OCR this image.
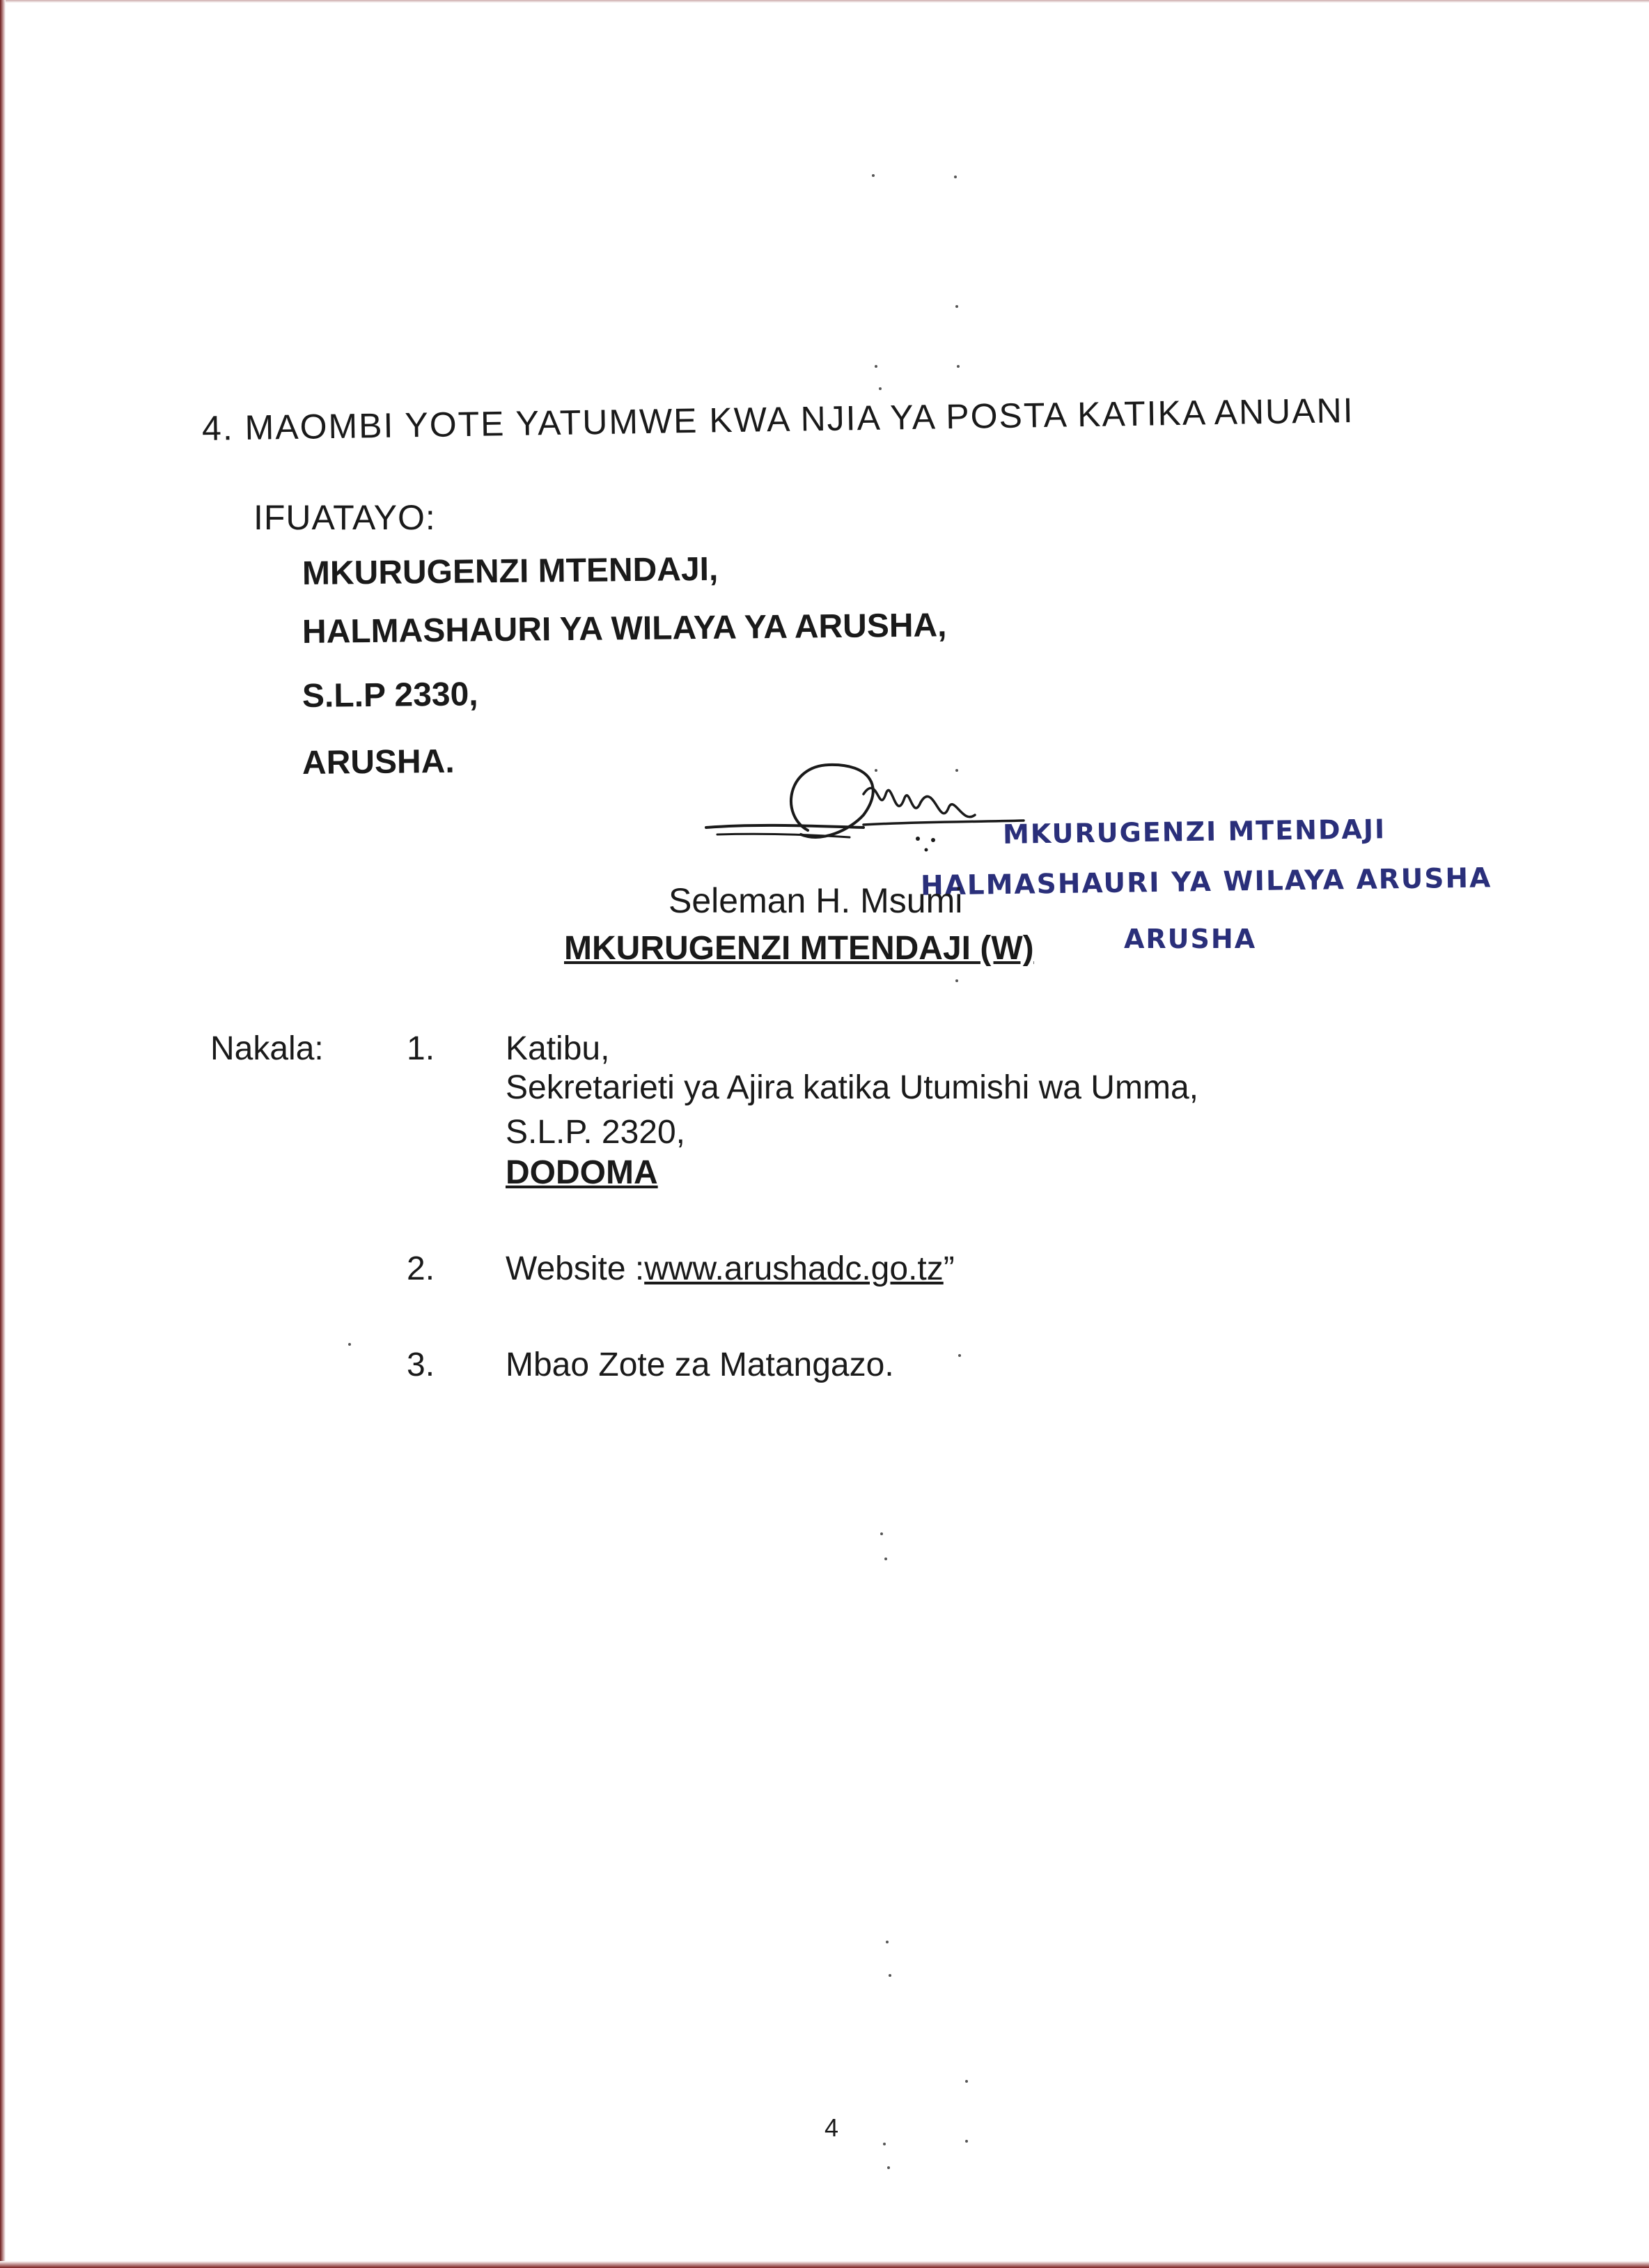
4. MAOMBI YOTE YATUMWE KWA NJIA YA POSTA KATIKA ANUANI
IFUATAYO:
MKURUGENZI MTENDAJI,
HALMASHAURI YA WILAYA YA ARUSHA,
S.L.P 2330,
ARUSHA.
MKURUGENZI MTENDAJI
HALMASHAURI YA WILAYA ARUSHA
ARUSHA
Seleman H. Msumi
MKURUGENZI MTENDAJI (W)
Nakala: 1. Katibu,
Sekretarieti ya Ajira katika Utumishi wa Umma,
S.L.P. 2320,
DODOMA
2. Website :www.arushadc.go.tz”
3. Mbao Zote za Matangazo.
4
